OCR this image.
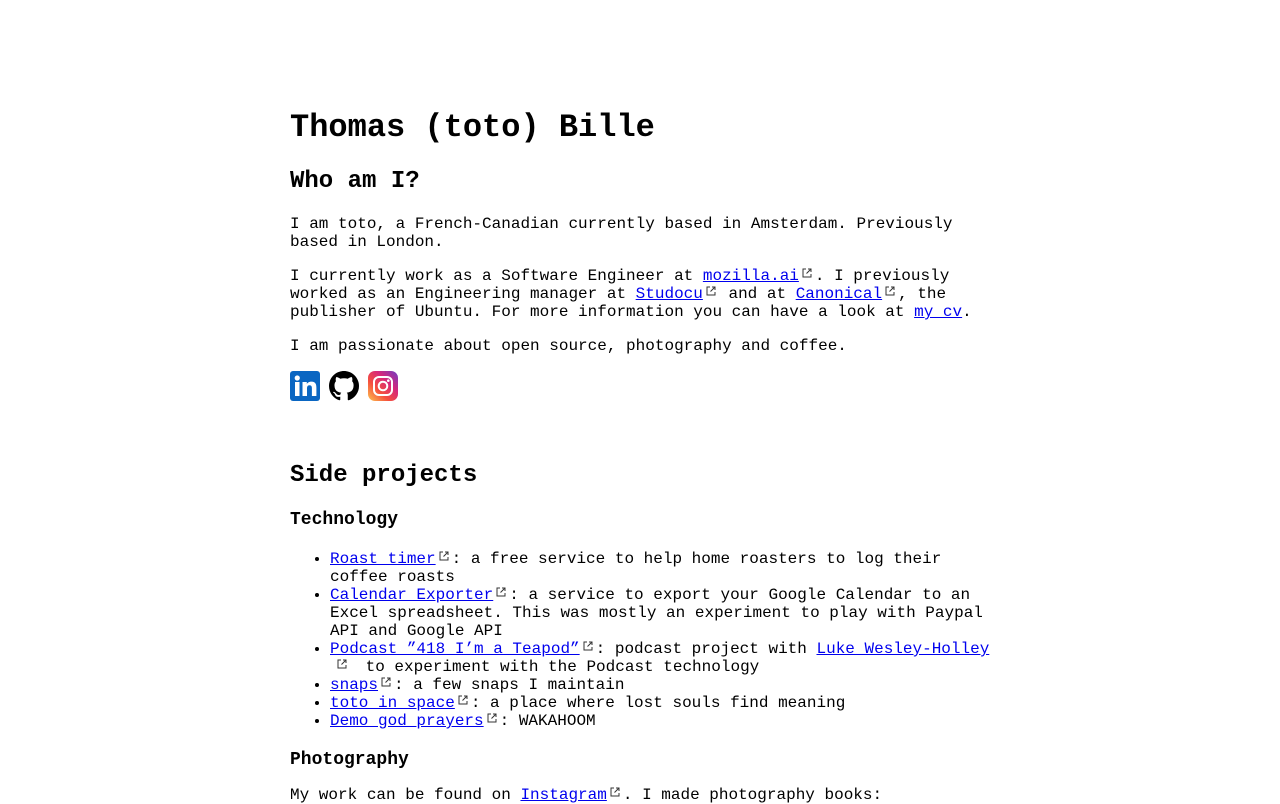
Thomas (toto) Bille
Who am I?

I am toto, a French-Canadian currently based in Amsterdam. Previously based in London.

I currently work as a Software Engineer at mozilla.ai . I previously worked as an Engineering manager at Studocu
and at Canonical , the publisher of Ubuntu. For more information you can have a look at my cv.

I am passionate about open source, photography and coffee.

Side projects
Technology
• Roast timer : a free service to help home roasters to log their coffee roasts
• Calendar Exporter : a service to export your Google Calendar to an Excel spreadsheet. This was mostly an experiment to play with Paypal API and Google API
• Podcast ”418 I’m a Teapod” : podcast project with Luke Wesley-Holley
to experiment with the Podcast technology
• snaps : a few snaps I maintain
• toto in space : a place where lost souls find meaning
• Demo god prayers : WAKAHOOM
Photography

My work can be found on Instagram . I made photography books:
